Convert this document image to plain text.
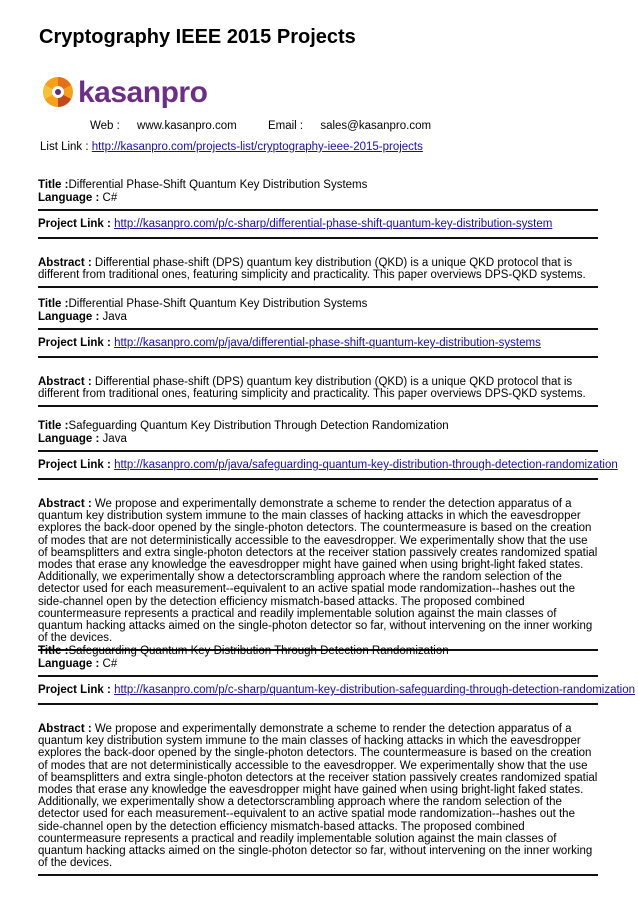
Cryptography IEEE 2015 Projects
kasanpro
Web : www.kasanpro.com	Email : sales@kasanpro.com
List Link : http://kasanpro.com/projects-list/cryptography-ieee-2015-projects
Title :Differential Phase-Shift Quantum Key Distribution Systems
Language : C#
Project Link : http://kasanpro.com/p/c-sharp/differential-phase-shift-quantum-key-distribution-system
Abstract : Differential phase-shift (DPS) quantum key distribution (QKD) is a unique QKD protocol that is different from traditional ones, featuring simplicity and practicality. This paper overviews DPS-QKD systems.
Title :Differential Phase-Shift Quantum Key Distribution Systems
Language : Java
Project Link : http://kasanpro.com/p/java/differential-phase-shift-quantum-key-distribution-systems
Abstract : Differential phase-shift (DPS) quantum key distribution (QKD) is a unique QKD protocol that is different from traditional ones, featuring simplicity and practicality. This paper overviews DPS-QKD systems.
Title :Safeguarding Quantum Key Distribution Through Detection Randomization
Language : Java
Project Link : http://kasanpro.com/p/java/safeguarding-quantum-key-distribution-through-detection-randomization
Abstract : We propose and experimentally demonstrate a scheme to render the detection apparatus of a quantum key distribution system immune to the main classes of hacking attacks in which the eavesdropper explores the back-door opened by the single-photon detectors. The countermeasure is based on the creation of modes that are not deterministically accessible to the eavesdropper. We experimentally show that the use of beamsplitters and extra single-photon detectors at the receiver station passively creates randomized spatial modes that erase any knowledge the eavesdropper might have gained when using bright-light faked states. Additionally, we experimentally show a detectorscrambling approach where the random selection of the detector used for each measurement--equivalent to an active spatial mode randomization--hashes out the side-channel open by the detection efficiency mismatch-based attacks. The proposed combined countermeasure represents a practical and readily implementable solution against the main classes of quantum hacking attacks aimed on the single-photon detector so far, without intervening on the inner working of the devices.
Title :Safeguarding Quantum Key Distribution Through Detection Randomization
Language : C#
Project Link : http://kasanpro.com/p/c-sharp/quantum-key-distribution-safeguarding-through-detection-randomization
Abstract : We propose and experimentally demonstrate a scheme to render the detection apparatus of a quantum key distribution system immune to the main classes of hacking attacks in which the eavesdropper explores the back-door opened by the single-photon detectors. The countermeasure is based on the creation of modes that are not deterministically accessible to the eavesdropper. We experimentally show that the use of beamsplitters and extra single-photon detectors at the receiver station passively creates randomized spatial modes that erase any knowledge the eavesdropper might have gained when using bright-light faked states. Additionally, we experimentally show a detectorscrambling approach where the random selection of the detector used for each measurement--equivalent to an active spatial mode randomization--hashes out the side-channel open by the detection efficiency mismatch-based attacks. The proposed combined countermeasure represents a practical and readily implementable solution against the main classes of quantum hacking attacks aimed on the single-photon detector so far, without intervening on the inner working of the devices.
